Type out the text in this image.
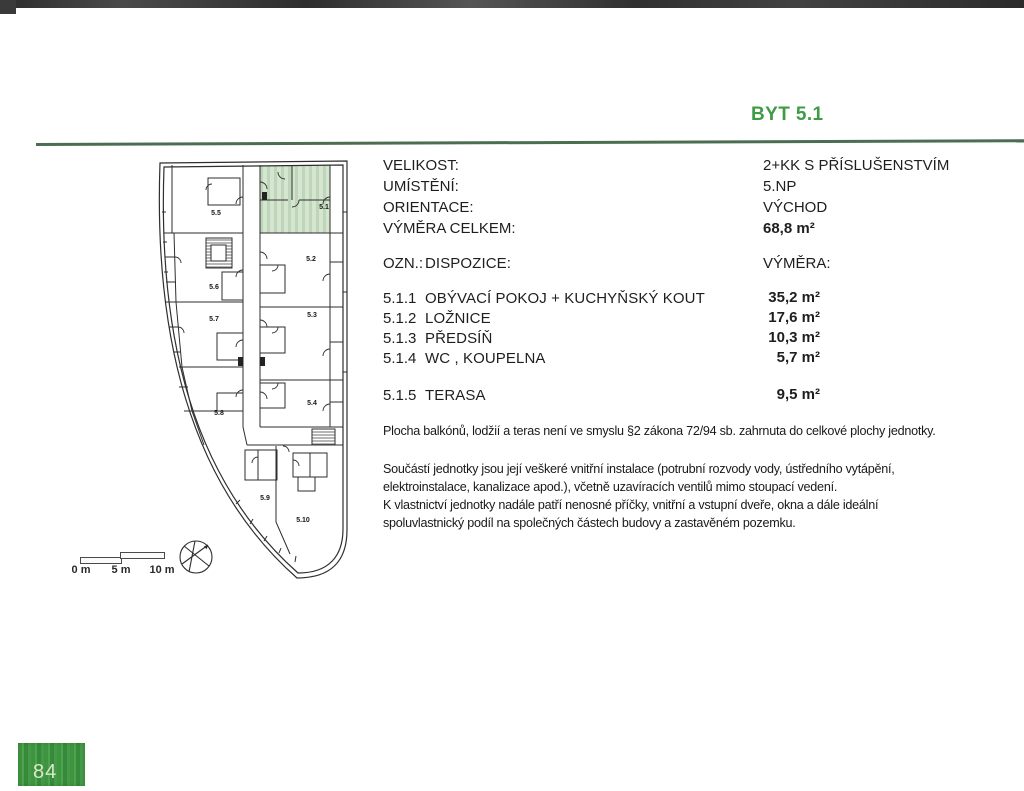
BYT 5.1
5.5
5.1
5.2
5.6
5.7
5.3
5.8
5.4
5.9
5.10
VELIKOST:	2+KK S PŘÍSLUŠENSTVÍM
UMÍSTĚNÍ:	5.NP
ORIENTACE:	VÝCHOD
VÝMĚRA CELKEM:	68,8 m²
OZN.: DISPOZICE:	VÝMĚRA:
5.1.1 OBÝVACÍ POKOJ + KUCHYŇSKÝ KOUT	35,2 m²
5.1.2 LOŽNICE	17,6 m²
5.1.3 PŘEDSÍŇ	10,3 m²
5.1.4 WC , KOUPELNA	5,7 m²
5.1.5 TERASA	9,5 m²
Plocha balkónů, lodžií a teras není ve smyslu §2 zákona 72/94 sb. zahrnuta do celkové plochy jednotky.
Součástí jednotky jsou její veškeré vnitřní instalace (potrubní rozvody vody, ústředního vytápění,
elektroinstalace, kanalizace apod.), včetně uzavíracích ventilů mimo stoupací vedení.
K vlastnictví jednotky nadále patří nenosné příčky, vnitřní a vstupní dveře, okna a dále ideální
spoluvlastnický podíl na společných částech budovy a zastavěném pozemku.
0 m	5 m	10 m
84
